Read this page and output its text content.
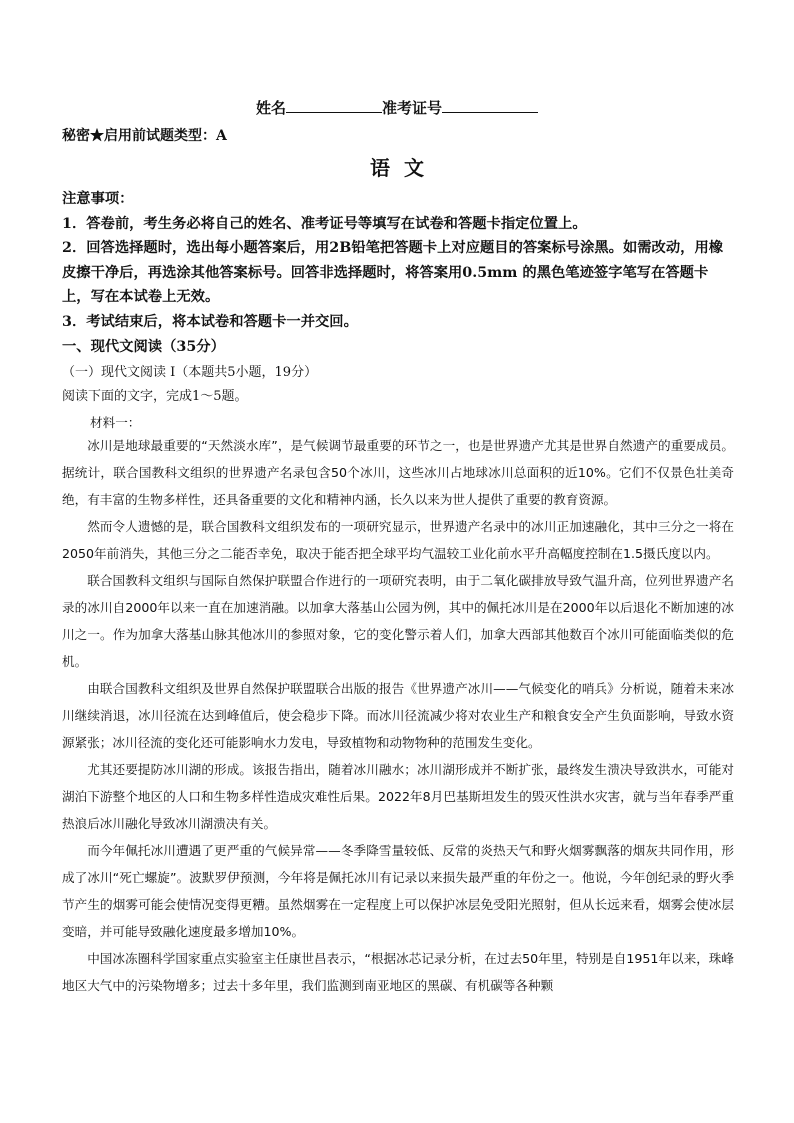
姓名	准考证号
秘密★启用前试题类型：A
语文
注意事项：
1．答卷前，考生务必将自己的姓名、准考证号等填写在试卷和答题卡指定位置上。
2．回答选择题时，选出每小题答案后，用2B铅笔把答题卡上对应题目的答案标号涂黑。如需改动，用橡皮擦干净后，再选涂其他答案标号。回答非选择题时，将答案用0.5mm 的黑色笔迹签字笔写在答题卡上，写在本试卷上无效。
3．考试结束后，将本试卷和答题卡一并交回。
一、现代文阅读（35分）
（一）现代文阅读 I（本题共5小题，19分）
阅读下面的文字，完成1～5题。
材料一：

冰川是地球最重要的“天然淡水库”，是气候调节最重要的环节之一，也是世界遗产尤其是世界自然遗产的重要成员。据统计，联合国教科文组织的世界遗产名录包含50个冰川，这些冰川占地球冰川总面积的近10%。它们不仅景色壮美奇绝，有丰富的生物多样性，还具备重要的文化和精神内涵，长久以来为世人提供了重要的教育资源。

然而令人遗憾的是，联合国教科文组织发布的一项研究显示，世界遗产名录中的冰川正加速融化，其中三分之一将在2050年前消失，其他三分之二能否幸免，取决于能否把全球平均气温较工业化前水平升高幅度控制在1.5摄氏度以内。

联合国教科文组织与国际自然保护联盟合作进行的一项研究表明，由于二氧化碳排放导致气温升高，位列世界遗产名录的冰川自2000年以来一直在加速消融。以加拿大落基山公园为例，其中的佩托冰川是在2000年以后退化不断加速的冰川之一。作为加拿大落基山脉其他冰川的参照对象，它的变化警示着人们，加拿大西部其他数百个冰川可能面临类似的危机。

由联合国教科文组织及世界自然保护联盟联合出版的报告《世界遗产冰川——气候变化的哨兵》分析说，随着未来冰川继续消退，冰川径流在达到峰值后，使会稳步下降。而冰川径流减少将对农业生产和粮食安全产生负面影响，导致水资源紧张；冰川径流的变化还可能影响水力发电，导致植物和动物物种的范围发生变化。

尤其还要提防冰川湖的形成。该报告指出，随着冰川融水；冰川湖形成并不断扩张，最终发生溃决导致洪水，可能对湖泊下游整个地区的人口和生物多样性造成灾难性后果。2022年8月巴基斯坦发生的毁灭性洪水灾害，就与当年春季严重热浪后冰川融化导致冰川湖溃决有关。

而今年佩托冰川遭遇了更严重的气候异常——冬季降雪量较低、反常的炎热天气和野火烟雾飘落的烟灰共同作用，形成了冰川“死亡螺旋”。波默罗伊预测，今年将是佩托冰川有记录以来损失最严重的年份之一。他说，今年创纪录的野火季节产生的烟雾可能会使情况变得更糟。虽然烟雾在一定程度上可以保护冰层免受阳光照射，但从长远来看，烟雾会使冰层变暗，并可能导致融化速度最多增加10%。

中国冰冻圈科学国家重点实验室主任康世昌表示，“根据冰芯记录分析，在过去50年里，特别是自1951年以来，珠峰地区大气中的污染物增多；过去十多年里，我们监测到南亚地区的黑碳、有机碳等各种颗
